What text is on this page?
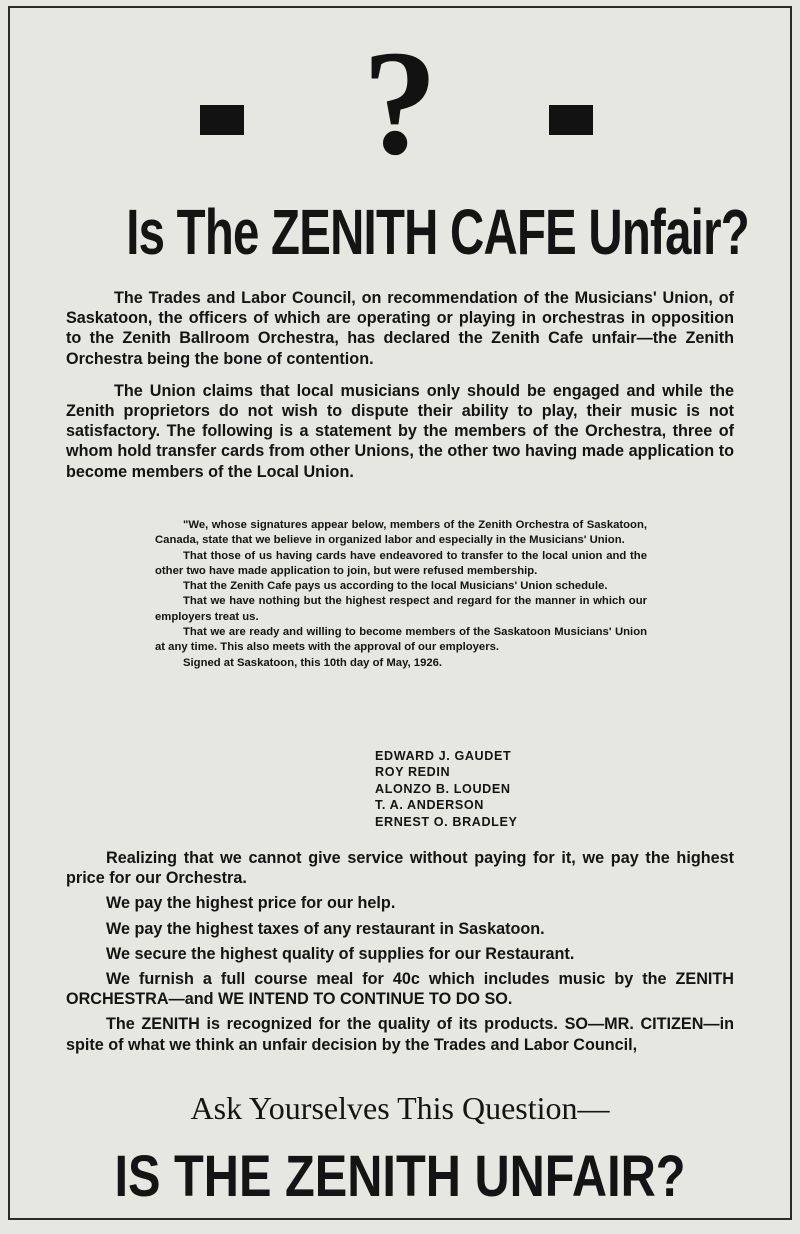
?
Is The ZENITH CAFE Unfair?

The Trades and Labor Council, on recommendation of the Musicians' Union, of Saskatoon, the officers of which are operating or playing in orchestras in opposition to the Zenith Ballroom Orchestra, has declared the Zenith Cafe unfair—the Zenith Orchestra being the bone of contention.

The Union claims that local musicians only should be engaged and while the Zenith proprietors do not wish to dispute their ability to play, their music is not satisfactory. The following is a statement by the members of the Orchestra, three of whom hold transfer cards from other Unions, the other two having made application to become members of the Local Union.

"We, whose signatures appear below, members of the Zenith Orchestra of Saskatoon, Canada, state that we believe in organized labor and especially in the Musicians' Union.

That those of us having cards have endeavored to transfer to the local union and the other two have made application to join, but were refused membership.

That the Zenith Cafe pays us according to the local Musicians' Union schedule.

That we have nothing but the highest respect and regard for the manner in which our employers treat us.

That we are ready and willing to become members of the Saskatoon Musicians' Union at any time. This also meets with the approval of our employers.

Signed at Saskatoon, this 10th day of May, 1926.

EDWARD J. GAUDET
ROY REDIN
ALONZO B. LOUDEN
T. A. ANDERSON
ERNEST O. BRADLEY

Realizing that we cannot give service without paying for it, we pay the highest price for our Orchestra.

We pay the highest price for our help.

We pay the highest taxes of any restaurant in Saskatoon.

We secure the highest quality of supplies for our Restaurant.

We furnish a full course meal for 40c which includes music by the ZENITH ORCHESTRA—and WE INTEND TO CONTINUE TO DO SO.

The ZENITH is recognized for the quality of its products. SO—MR. CITIZEN—in spite of what we think an unfair decision by the Trades and Labor Council,

Ask Yourselves This Question—
IS THE ZENITH UNFAIR?
